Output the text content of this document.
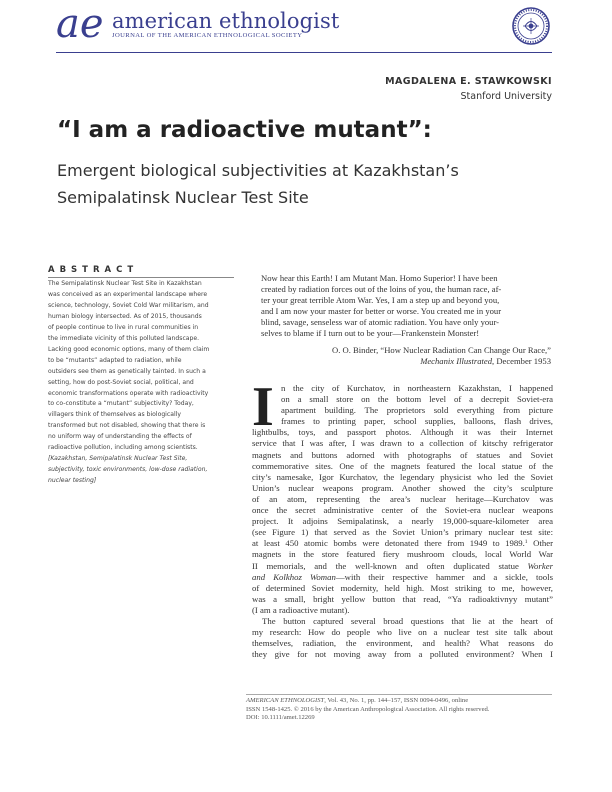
ae american ethnologist
JOURNAL OF THE AMERICAN ETHNOLOGICAL SOCIETY
MAGDALENA E. STAWKOWSKI
Stanford University
“I am a radioactive mutant”:
Emergent biological subjectivities at Kazakhstan’s
Semipalatinsk Nuclear Test Site
ABSTRACT
The Semipalatinsk Nuclear Test Site in Kazakhstan
was conceived as an experimental landscape where
science, technology, Soviet Cold War militarism, and
human biology intersected. As of 2015, thousands
of people continue to live in rural communities in
the immediate vicinity of this polluted landscape.
Lacking good economic options, many of them claim
to be “mutants” adapted to radiation, while
outsiders see them as genetically tainted. In such a
setting, how do post-Soviet social, political, and
economic transformations operate with radioactivity
to co-constitute a “mutant” subjectivity? Today,
villagers think of themselves as biologically
transformed but not disabled, showing that there is
no uniform way of understanding the effects of
radioactive pollution, including among scientists.
[Kazakhstan, Semipalatinsk Nuclear Test Site,
subjectivity, toxic environments, low-dose radiation,
nuclear testing]
Now hear this Earth! I am Mutant Man. Homo Superior! I have been
created by radiation forces out of the loins of you, the human race, af-
ter your great terrible Atom War. Yes, I am a step up and beyond you,
and I am now your master for better or worse. You created me in your
blind, savage, senseless war of atomic radiation. You have only your-
selves to blame if I turn out to be your—Frankenstein Monster!
O. O. Binder, “How Nuclear Radiation Can Change Our Race,”
Mechanix Illustrated, December 1953
I n the city of Kurchatov, in northeastern Kazakhstan, I happened
on a small store on the bottom level of a decrepit Soviet-era
apartment building. The proprietors sold everything from picture
frames to printing paper, school supplies, balloons, flash drives,
lightbulbs, toys, and passport photos. Although it was their Internet
service that I was after, I was drawn to a collection of kitschy refrigerator
magnets and buttons adorned with photographs of statues and Soviet
commemorative sites. One of the magnets featured the local statue of the
city’s namesake, Igor Kurchatov, the legendary physicist who led the Soviet
Union’s nuclear weapons program. Another showed the city’s sculpture
of an atom, representing the area’s nuclear heritage—Kurchatov was
once the secret administrative center of the Soviet-era nuclear weapons
project. It adjoins Semipalatinsk, a nearly 19,000-square-kilometer area
(see Figure 1) that served as the Soviet Union’s primary nuclear test site:
at least 450 atomic bombs were detonated there from 1949 to 1989.$^1$ Other
magnets in the store featured fiery mushroom clouds, local World War
II memorials, and the well-known and often duplicated statue Worker
and Kolkhoz Woman—with their respective hammer and a sickle, tools
of determined Soviet modernity, held high. Most striking to me, however,
was a small, bright yellow button that read, “Ya radioaktivnyy mutant”
(I am a radioactive mutant).
The button captured several broad questions that lie at the heart of
my research: How do people who live on a nuclear test site talk about
themselves, radiation, the environment, and health? What reasons do
they give for not moving away from a polluted environment? When I
AMERICAN ETHNOLOGIST, Vol. 43, No. 1, pp. 144–157, ISSN 0094-0496, online
ISSN 1548-1425. © 2016 by the American Anthropological Association. All rights reserved.
DOI: 10.1111/amet.12269
